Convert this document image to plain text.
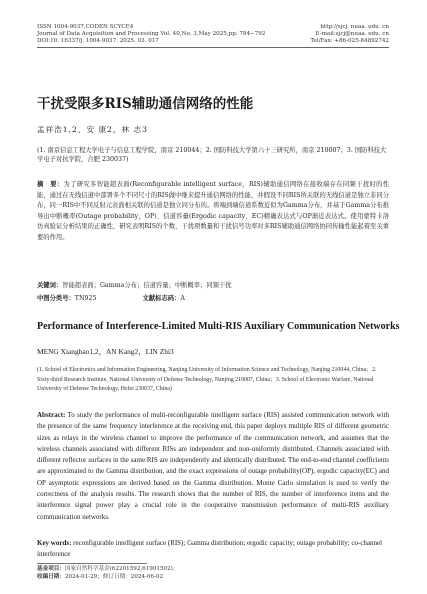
ISSN 1004-9037,CODEN SCYCE4
Journal of Data Acquisition and Processing Vol. 40,No. 3,May 2025,pp. 784−792
DOI:10. 16337/j. 1004-9037. 2025. 03. 017
http://sjcj. nuaa. edu. cn
E-mail:sjcj@nuaa. edu. cn
Tel/Fax: +86-025-84892742
干扰受限多RIS辅助通信网络的性能
孟祥浩1,2，安 康2，林 志3
(1. 南京信息工程大学电子与信息工程学院，南京 210044；2. 国防科技大学第六十三研究所，南京 210007；3. 国防科技大学电子对抗学院，合肥 230037)
摘　要：为了研究多智能超表面(Reconfigurable intelligent surface，RIS)辅助通信网络在接收端存在同频干扰时的性能，通过在无线信道中部署多个不同尺寸的RIS做中继来提升通信网络的性能，并假设不同RIS所关联的无线信道是独立非同分布，同一RIS中不同反射元表面相关联的信道是独立同分布的。将端到端信道系数近似为Gamma分布，并基于Gamma分布推导出中断概率(Outage probability，OP)、信道容量(Ergodic capacity，EC)精确表达式与OP渐近表达式。使用蒙特卡洛仿真验证分析结果的正确性，研究表明RIS的个数、干扰项数量和干扰信号功率对多RIS辅助通信网络协同传输性能起着至关重要的作用。
关键词：智能超表面；Gamma分布；信道容量；中断概率；同频干扰
中图分类号：TN925	文献标志码：A
Performance of Interference-Limited Multi-RIS Auxiliary Communication Networks
MENG Xianghao1,2，AN Kang2，LIN Zhi3
(1. School of Electronics and Information Engineering, Nanjing University of Information Science and Technology, Nanjing 210044, China；2. Sixty-third Research Institute, National University of Defense Technology, Nanjing 210007, China；3. School of Electronic Warfare, National University of Defense Technology, Hefei 230037, China)
Abstract: To study the performance of multi-reconfigurable intelligent surface (RIS) assisted communication network with the presence of the same frequency interference at the receiving end, this paper deploys multiple RIS of different geometric sizes as relays in the wireless channel to improve the performance of the communication network, and assumes that the wireless channels associated with different RISs are independent and non-uniformly distributed. Channels associated with different reflector surfaces in the same RIS are independently and identically distributed. The end-to-end channel coefficients are approximated to the Gamma distribution, and the exact expressions of outage probability(OP), ergodic capacity(EC) and OP asymptotic expressions are derived based on the Gamma distribution. Monte Carlo simulation is used to verify the correctness of the analysis results. The research shows that the number of RIS, the number of interference items and the interference signal power play a crucial role in the cooperative transmission performance of multi-RIS auxiliary communication networks.
Key words: reconfigurable intelligent surface (RIS); Gamma distribution; ergodic capacity; outage probability; co-channel interference
基金项目：国家自然科学基金(62201592,61901502)。
收稿日期：2024-01-29；修订日期：2024-06-02
